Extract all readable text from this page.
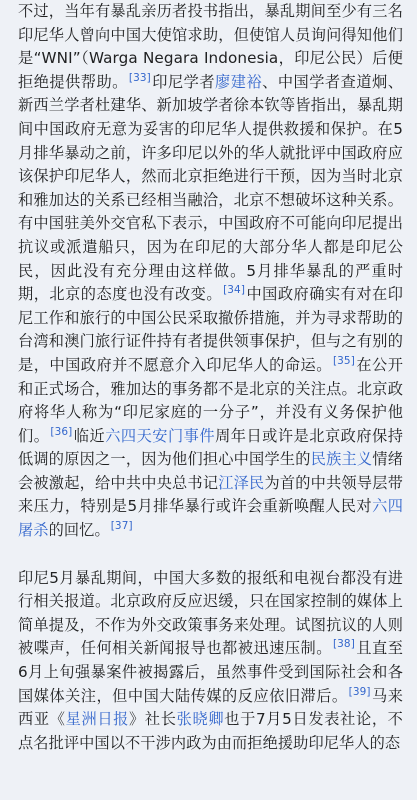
不过，当年有暴乱亲历者投书指出，暴乱期间至少有三名印尼华人曾向中国大使馆求助，但使馆人员询问得知他们是“WNI”（Warga Negara Indonesia，印尼公民）后便拒绝提供帮助。[33]印尼学者廖建裕、中国学者查道炯、新西兰学者杜建华、新加坡学者徐本钦等皆指出，暴乱期间中国政府无意为妥害的印尼华人提供救援和保护。在5月排华暴动之前，许多印尼以外的华人就批评中国政府应该保护印尼华人，然而北京拒绝进行干预，因为当时北京和雅加达的关系已经相当融洽，北京不想破坏这种关系。有中国驻美外交官私下表示，中国政府不可能向印尼提出抗议或派遣船只，因为在印尼的大部分华人都是印尼公民，因此没有充分理由这样做。5月排华暴乱的严重时期，北京的态度也没有改变。[34]中国政府确实有对在印尼工作和旅行的中国公民采取撤侨措施，并为寻求帮助的台湾和澳门旅行证件持有者提供领事保护，但与之有别的是，中国政府并不愿意介入印尼华人的命运。[35]在公开和正式场合，雅加达的事务都不是北京的关注点。北京政府将华人称为“印尼家庭的一分子”，并没有义务保护他们。[36]临近六四天安门事件周年日或许是北京政府保持低调的原因之一，因为他们担心中国学生的民族主义情绪会被激起，给中共中央总书记江泽民为首的中共领导层带来压力，特别是5月排华暴行或许会重新唤醒人民对六四屠杀的回忆。[37]

印尼5月暴乱期间，中国大多数的报纸和电视台都没有进行相关报道。北京政府反应迟缓，只在国家控制的媒体上简单提及，不作为外交政策事务来处理。试图抗议的人则被喋声，任何相关新闻报导也都被迅速压制。[38]且直至6月上旬强暴案件被揭露后，虽然事件受到国际社会和各国媒体关注，但中国大陆传媒的反应依旧滞后。[39]马来西亚《星洲日报》社长张晓卿也于7月5日发表社论，不点名批评中国以不干涉内政为由而拒绝援助印尼华人的态
